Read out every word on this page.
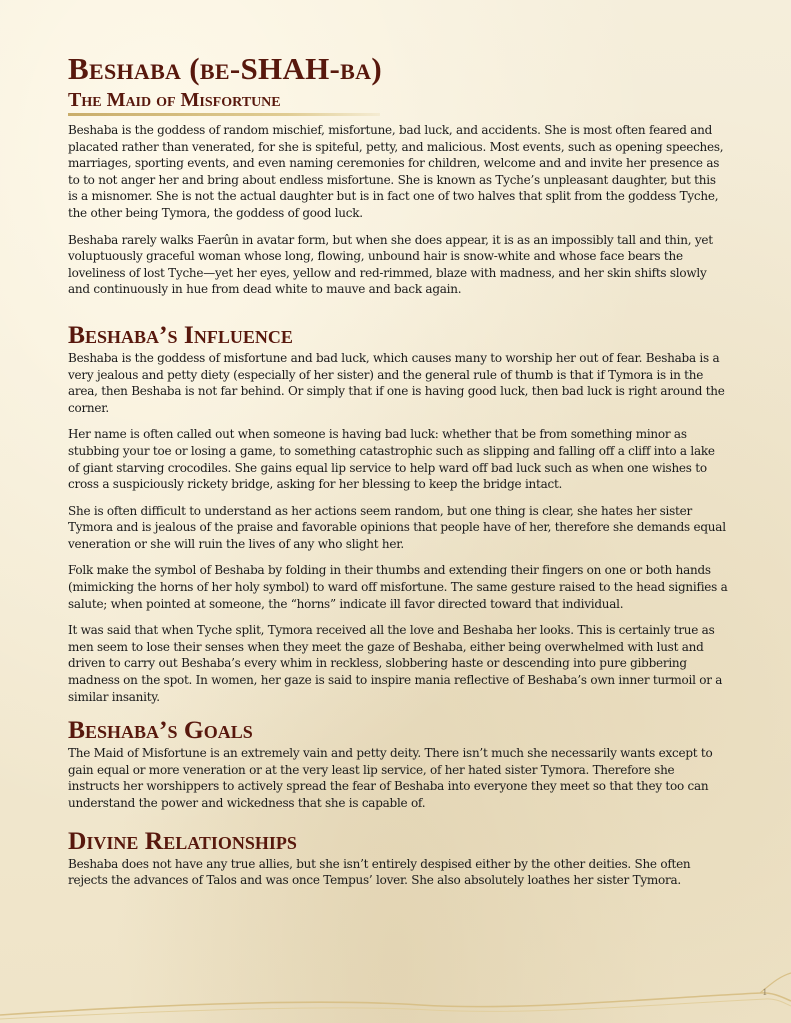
Beshaba (be-SHAH-ba)
The Maid of Misfortune

Beshaba is the goddess of random mischief, misfortune, bad luck, and accidents. She is most often feared and placated rather than venerated, for she is spiteful, petty, and malicious. Most events, such as opening speeches, marriages, sporting events, and even naming ceremonies for children, welcome and and invite her presence as to to not anger her and bring about endless misfortune. She is known as Tyche’s unpleasant daughter, but this is a misnomer. She is not the actual daughter but is in fact one of two halves that split from the goddess Tyche, the other being Tymora, the goddess of good luck.

Beshaba rarely walks Faerûn in avatar form, but when she does appear, it is as an impossibly tall and thin, yet voluptuously graceful woman whose long, flowing, unbound hair is snow-white and whose face bears the loveliness of lost Tyche—yet her eyes, yellow and red-rimmed, blaze with madness, and her skin shifts slowly and continuously in hue from dead white to mauve and back again.

Beshaba’s Influence

Beshaba is the goddess of misfortune and bad luck, which causes many to worship her out of fear. Beshaba is a very jealous and petty diety (especially of her sister) and the general rule of thumb is that if Tymora is in the area, then Beshaba is not far behind. Or simply that if one is having good luck, then bad luck is right around the corner.

Her name is often called out when someone is having bad luck: whether that be from something minor as stubbing your toe or losing a game, to something catastrophic such as slipping and falling off a cliff into a lake of giant starving crocodiles. She gains equal lip service to help ward off bad luck such as when one wishes to cross a suspiciously rickety bridge, asking for her blessing to keep the bridge intact.

She is often difficult to understand as her actions seem random, but one thing is clear, she hates her sister Tymora and is jealous of the praise and favorable opinions that people have of her, therefore she demands equal veneration or she will ruin the lives of any who slight her.

Folk make the symbol of Beshaba by folding in their thumbs and extending their fingers on one or both hands (mimicking the horns of her holy symbol) to ward off misfortune. The same gesture raised to the head signifies a salute; when pointed at someone, the “horns” indicate ill favor directed toward that individual.

It was said that when Tyche split, Tymora received all the love and Beshaba her looks. This is certainly true as men seem to lose their senses when they meet the gaze of Beshaba, either being overwhelmed with lust and driven to carry out Beshaba’s every whim in reckless, slobbering haste or descending into pure gibbering madness on the spot. In women, her gaze is said to inspire mania reflective of Beshaba’s own inner turmoil or a similar insanity.

Beshaba’s Goals

The Maid of Misfortune is an extremely vain and petty deity. There isn’t much she necessarily wants except to gain equal or more veneration or at the very least lip service, of her hated sister Tymora. Therefore she instructs her worshippers to actively spread the fear of Beshaba into everyone they meet so that they too can understand the power and wickedness that she is capable of.

Divine Relationships

Beshaba does not have any true allies, but she isn’t entirely despised either by the other deities. She often rejects the advances of Talos and was once Tempus’ lover. She also absolutely loathes her sister Tymora.

1
